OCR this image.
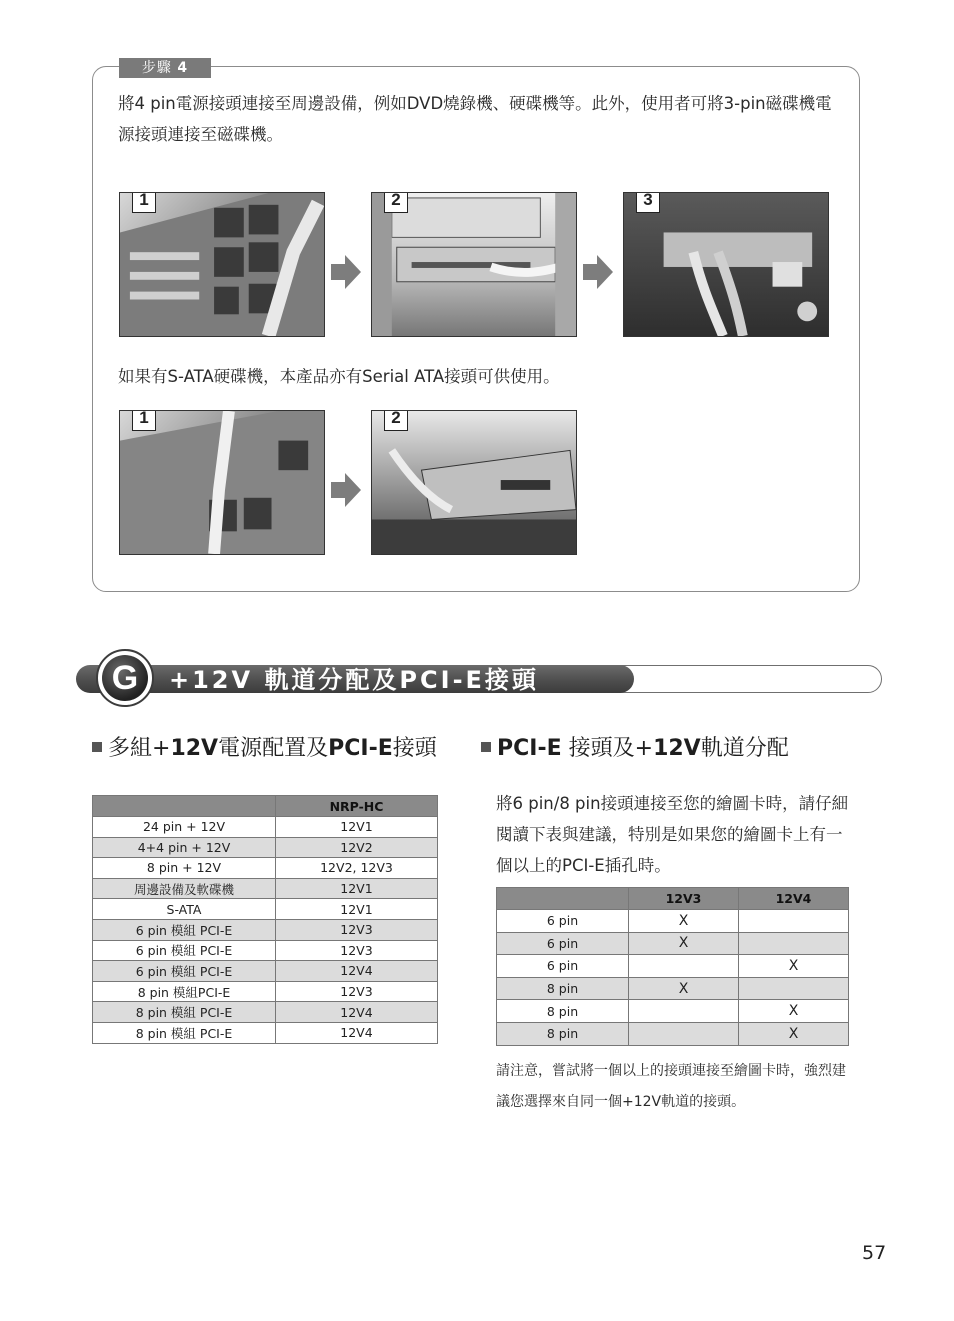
步驟 4
將4 pin電源接頭連接至周邊設備，例如DVD燒錄機、硬碟機等。此外，使用者可將3-pin磁碟機電源接頭連接至磁碟機。
1	2	3
如果有S-ATA硬碟機，本產品亦有Serial ATA接頭可供使用。
1	2
G	+12V 軌道分配及PCI-E接頭
多組+12V電源配置及PCI-E接頭	PCI-E 接頭及+12V軌道分配
	NRP-HC
24 pin + 12V	12V1
4+4 pin + 12V	12V2
8 pin + 12V	12V2, 12V3
周邊設備及軟碟機	12V1
S-ATA	12V1
6 pin 模組 PCI-E	12V3
6 pin 模組 PCI-E	12V3
6 pin 模組 PCI-E	12V4
8 pin 模組PCI-E	12V3
8 pin 模組 PCI-E	12V4
8 pin 模組 PCI-E	12V4
將6 pin/8 pin接頭連接至您的繪圖卡時，請仔細閱讀下表與建議，特別是如果您的繪圖卡上有一個以上的PCI-E插孔時。
	12V3	12V4
6 pin	X	
6 pin	X	
6 pin		X
8 pin	X	
8 pin		X
8 pin		X
請注意，嘗試將一個以上的接頭連接至繪圖卡時，強烈建議您選擇來自同一個+12V軌道的接頭。
57
